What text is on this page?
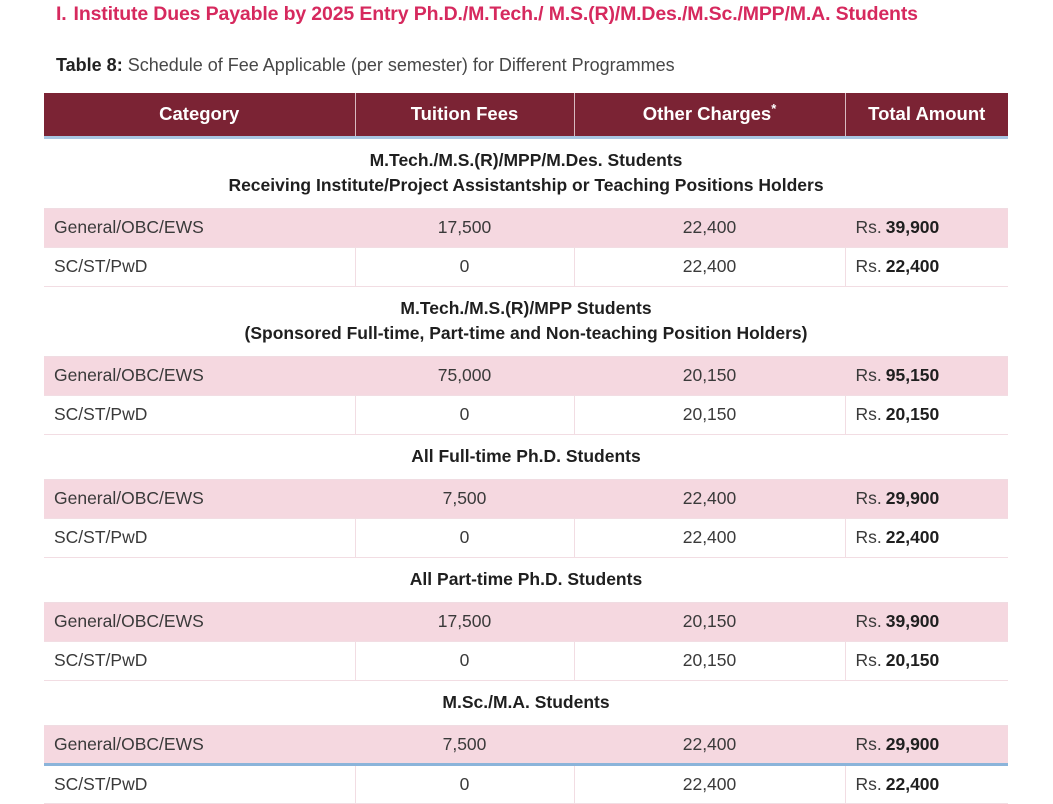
I. Institute Dues Payable by 2025 Entry Ph.D./M.Tech./ M.S.(R)/M.Des./M.Sc./MPP/M.A. Students
Table 8: Schedule of Fee Applicable (per semester) for Different Programmes
Category	Tuition Fees	Other Charges*	Total Amount

M.Tech./M.S.(R)/MPP/M.Des. Students
Receiving Institute/Project Assistantship or Teaching Positions Holders			

General/OBC/EWS	17,500	22,400	Rs. 39,900
SC/ST/PwD	0	22,400	Rs. 22,400

M.Tech./M.S.(R)/MPP Students
(Sponsored Full-time, Part-time and Non-teaching Position Holders)			

General/OBC/EWS	75,000	20,150	Rs. 95,150
SC/ST/PwD	0	20,150	Rs. 20,150

All Full-time Ph.D. Students			

General/OBC/EWS	7,500	22,400	Rs. 29,900
SC/ST/PwD	0	22,400	Rs. 22,400

All Part-time Ph.D. Students			

General/OBC/EWS	17,500	20,150	Rs. 39,900
SC/ST/PwD	0	20,150	Rs. 20,150

M.Sc./M.A. Students			

General/OBC/EWS	7,500	22,400	Rs. 29,900
SC/ST/PwD	0	22,400	Rs. 22,400
